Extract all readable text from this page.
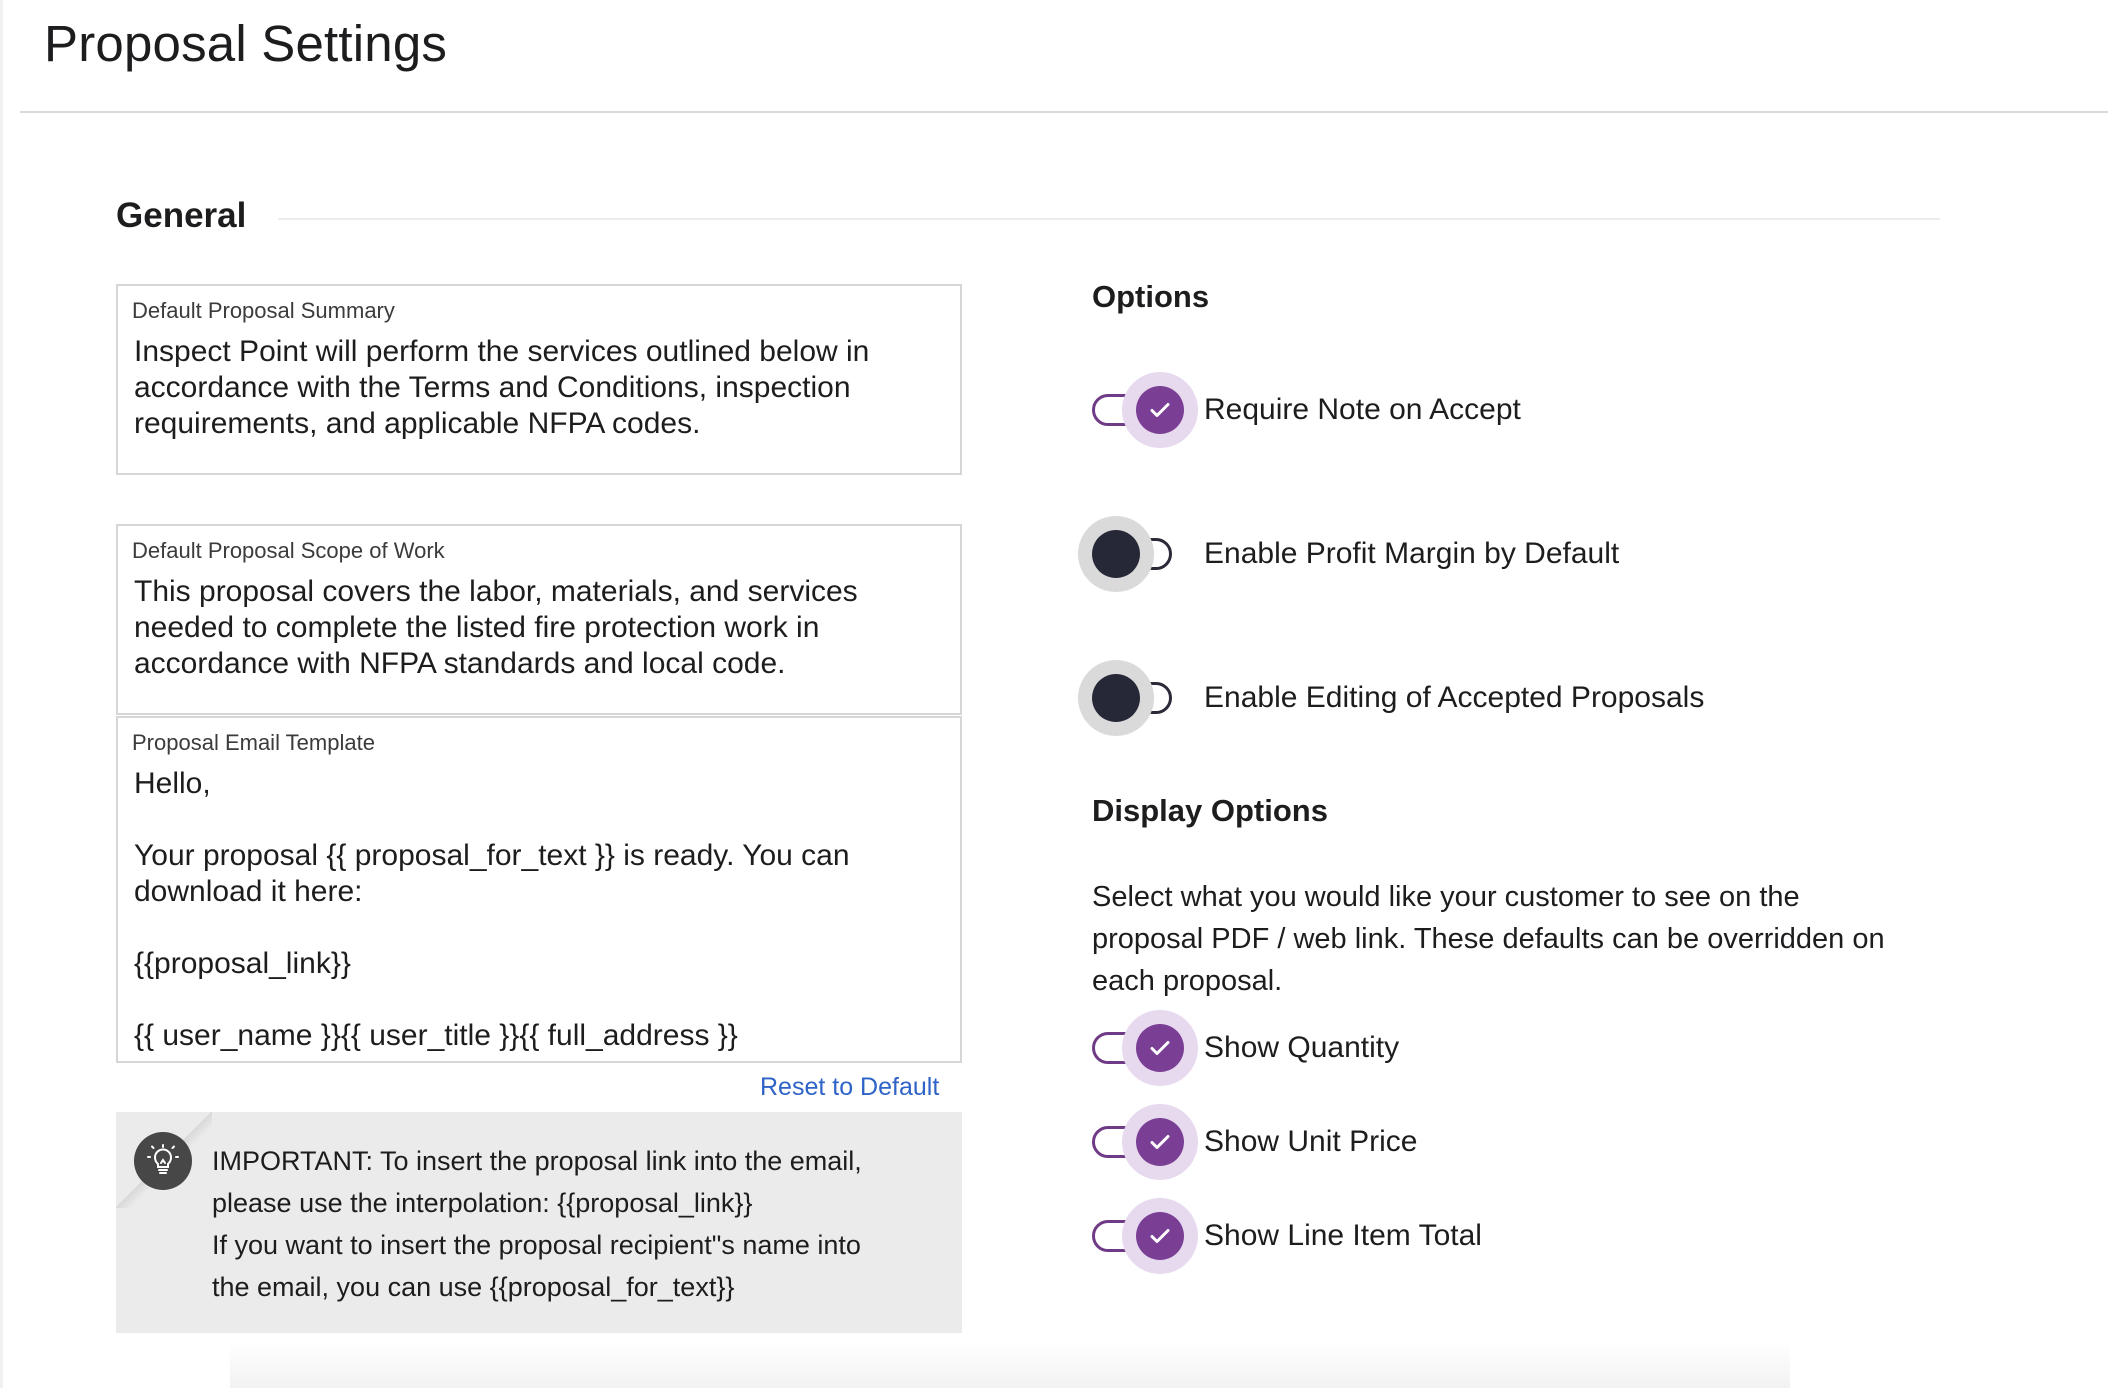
Proposal Settings
General
Default Proposal Summary
Inspect Point will perform the services outlined below in accordance with the Terms and Conditions, inspection requirements, and applicable NFPA codes.
Default Proposal Scope of Work
This proposal covers the labor, materials, and services needed to complete the listed fire protection work in accordance with NFPA standards and local code.
Proposal Email Template
Hello,

Your proposal {{ proposal_for_text }} is ready. You can download it here:

{{proposal_link}}

{{ user_name }}{{ user_title }}{{ full_address }}
Reset to Default

IMPORTANT: To insert the proposal link into the email, please use the interpolation: {{proposal_link}}
If you want to insert the proposal recipient"s name into the email, you can use {{proposal_for_text}}

Options
Require Note on Accept
Enable Profit Margin by Default
Enable Editing of Accepted Proposals
Display Options

Select what you would like your customer to see on the proposal PDF / web link. These defaults can be overridden on each proposal.

Show Quantity
Show Unit Price
Show Line Item Total
